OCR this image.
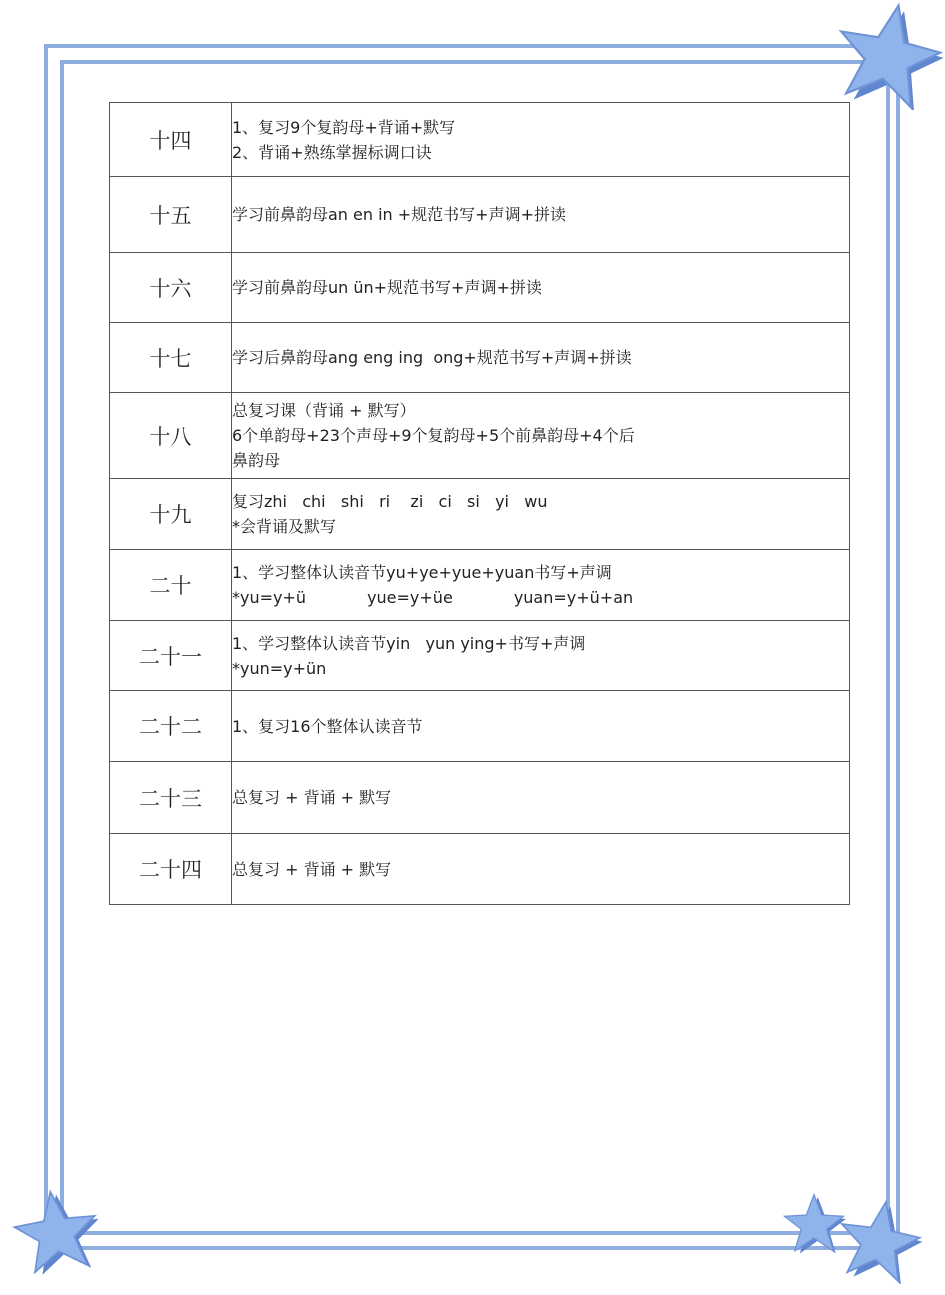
十四	1、复习9个复韵母+背诵+默写
2、背诵+熟练掌握标调口诀

十五	学习前鼻韵母an en in +规范书写+声调+拼读

十六	学习前鼻韵母un ün+规范书写+声调+拼读

十七	学习后鼻韵母ang eng ing  ong+规范书写+声调+拼读

十八	总复习课（背诵 + 默写）
6个单韵母+23个声母+9个复韵母+5个前鼻韵母+4个后
鼻韵母

十九	复习zhi   chi   shi   ri    zi   ci   si   yi   wu
*会背诵及默写

二十	1、学习整体认读音节yu+ye+yue+yuan书写+声调
*yu=y+ü            yue=y+üe            yuan=y+ü+an

二十一	1、学习整体认读音节yin   yun ying+书写+声调
*yun=y+ün

二十二	1、复习16个整体认读音节

二十三	总复习 + 背诵 + 默写

二十四	总复习 + 背诵 + 默写
